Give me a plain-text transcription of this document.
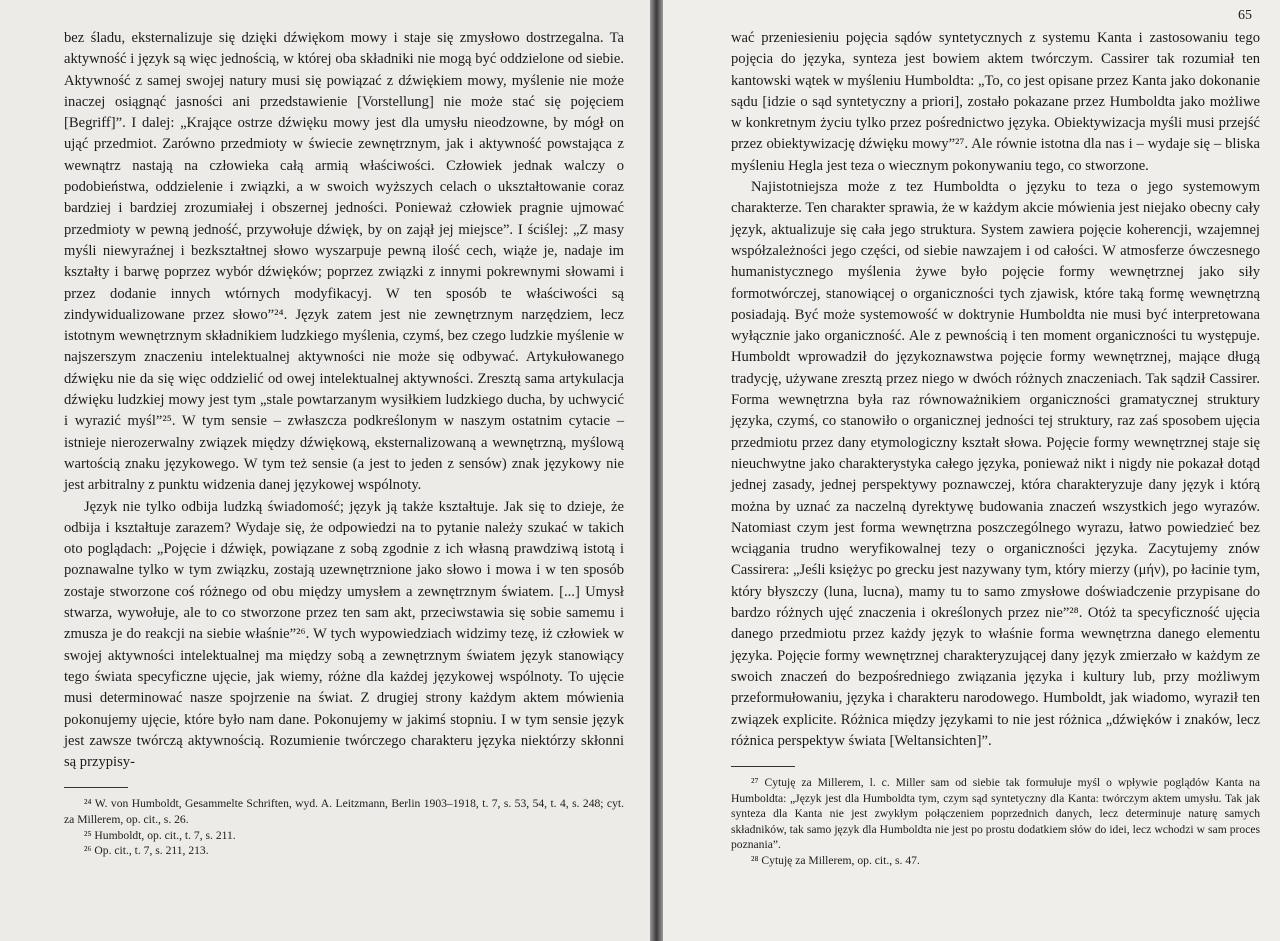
bez śladu, eksternalizuje się dzięki dźwiękom mowy i staje się zmysłowo dostrzegalna. Ta aktywność i język są więc jednością, w której oba składniki nie mogą być oddzielone od siebie. Aktywność z samej swojej natury musi się powiązać z dźwiękiem mowy, myślenie nie może inaczej osiągnąć jasności ani przedstawienie [Vorstellung] nie może stać się pojęciem [Begriff]”. I dalej: „Krające ostrze dźwięku mowy jest dla umysłu nieodzowne, by mógł on ująć przedmiot. Zarówno przedmioty w świecie zewnętrznym, jak i aktywność powstająca z wewnątrz nastają na człowieka całą armią właściwości. Człowiek jednak walczy o podobieństwa, oddzielenie i związki, a w swoich wyższych celach o ukształtowanie coraz bardziej i bardziej zrozumiałej i obszernej jedności. Ponieważ człowiek pragnie ujmować przedmioty w pewną jedność, przywołuje dźwięk, by on zajął jej miejsce”. I ściślej: „Z masy myśli niewyraźnej i bezkształtnej słowo wyszarpuje pewną ilość cech, wiąże je, nadaje im kształty i barwę poprzez wybór dźwięków; poprzez związki z innymi pokrewnymi słowami i przez dodanie innych wtórnych modyfikacyj. W ten sposób te właściwości są zindywidualizowane przez słowo”²⁴. Język zatem jest nie zewnętrznym narzędziem, lecz istotnym wewnętrznym składnikiem ludzkiego myślenia, czymś, bez czego ludzkie myślenie w najszerszym znaczeniu intelektualnej aktywności nie może się odbywać. Artykułowanego dźwięku nie da się więc oddzielić od owej intelektualnej aktywności. Zresztą sama artykulacja dźwięku ludzkiej mowy jest tym „stale powtarzanym wysiłkiem ludzkiego ducha, by uchwycić i wyrazić myśl”²⁵. W tym sensie – zwłaszcza podkreślonym w naszym ostatnim cytacie – istnieje nierozerwalny związek między dźwiękową, eksternalizowaną a wewnętrzną, myślową wartością znaku językowego. W tym też sensie (a jest to jeden z sensów) znak językowy nie jest arbitralny z punktu widzenia danej językowej wspólnoty.

Język nie tylko odbija ludzką świadomość; język ją także kształtuje. Jak się to dzieje, że odbija i kształtuje zarazem? Wydaje się, że odpowiedzi na to pytanie należy szukać w takich oto poglądach: „Pojęcie i dźwięk, powiązane z sobą zgodnie z ich własną prawdziwą istotą i poznawalne tylko w tym związku, zostają uzewnętrznione jako słowo i mowa i w ten sposób zostaje stworzone coś różnego od obu między umysłem a zewnętrznym światem. [...] Umysł stwarza, wywołuje, ale to co stworzone przez ten sam akt, przeciwstawia się sobie samemu i zmusza je do reakcji na siebie właśnie”²⁶. W tych wypowiedziach widzimy tezę, iż człowiek w swojej aktywności intelektualnej ma między sobą a zewnętrznym światem język stanowiący tego świata specyficzne ujęcie, jak wiemy, różne dla każdej językowej wspólnoty. To ujęcie musi determinować nasze spojrzenie na świat. Z drugiej strony każdym aktem mówienia pokonujemy ujęcie, które było nam dane. Pokonujemy w jakimś stopniu. I w tym sensie język jest zawsze twórczą aktywnością. Rozumienie twórczego charakteru języka niektórzy skłonni są przypisy-

²⁴ W. von Humboldt, Gesammelte Schriften, wyd. A. Leitzmann, Berlin 1903–1918, t. 7, s. 53, 54, t. 4, s. 248; cyt. za Millerem, op. cit., s. 26.

²⁵ Humboldt, op. cit., t. 7, s. 211.

²⁶ Op. cit., t. 7, s. 211, 213.

65

wać przeniesieniu pojęcia sądów syntetycznych z systemu Kanta i zastosowaniu tego pojęcia do języka, synteza jest bowiem aktem twórczym. Cassirer tak rozumiał ten kantowski wątek w myśleniu Humboldta: „To, co jest opisane przez Kanta jako dokonanie sądu [idzie o sąd syntetyczny a priori], zostało pokazane przez Humboldta jako możliwe w konkretnym życiu tylko przez pośrednictwo języka. Obiektywizacja myśli musi przejść przez obiektywizację dźwięku mowy”²⁷. Ale równie istotna dla nas i – wydaje się – bliska myśleniu Hegla jest teza o wiecznym pokonywaniu tego, co stworzone.

Najistotniejsza może z tez Humboldta o języku to teza o jego systemowym charakterze. Ten charakter sprawia, że w każdym akcie mówienia jest niejako obecny cały język, aktualizuje się cała jego struktura. System zawiera pojęcie koherencji, wzajemnej współzależności jego części, od siebie nawzajem i od całości. W atmosferze ówczesnego humanistycznego myślenia żywe było pojęcie formy wewnętrznej jako siły formotwórczej, stanowiącej o organiczności tych zjawisk, które taką formę wewnętrzną posiadają. Być może systemowość w doktrynie Humboldta nie musi być interpretowana wyłącznie jako organiczność. Ale z pewnością i ten moment organiczności tu występuje. Humboldt wprowadził do językoznawstwa pojęcie formy wewnętrznej, mające długą tradycję, używane zresztą przez niego w dwóch różnych znaczeniach. Tak sądził Cassirer. Forma wewnętrzna była raz równoważnikiem organiczności gramatycznej struktury języka, czymś, co stanowiło o organicznej jedności tej struktury, raz zaś sposobem ujęcia przedmiotu przez dany etymologiczny kształt słowa. Pojęcie formy wewnętrznej staje się nieuchwytne jako charakterystyka całego języka, ponieważ nikt i nigdy nie pokazał dotąd jednej zasady, jednej perspektywy poznawczej, która charakteryzuje dany język i którą można by uznać za naczelną dyrektywę budowania znaczeń wszystkich jego wyrazów. Natomiast czym jest forma wewnętrzna poszczególnego wyrazu, łatwo powiedzieć bez wciągania trudno weryfikowalnej tezy o organiczności języka. Zacytujemy znów Cassirera: „Jeśli księżyc po grecku jest nazywany tym, który mierzy (μήν), po łacinie tym, który błyszczy (luna, lucna), mamy tu to samo zmysłowe doświadczenie przypisane do bardzo różnych ujęć znaczenia i określonych przez nie”²⁸. Otóż ta specyficzność ujęcia danego przedmiotu przez każdy język to właśnie forma wewnętrzna danego elementu języka. Pojęcie formy wewnętrznej charakteryzującej dany język zmierzało w każdym ze swoich znaczeń do bezpośredniego związania języka i kultury lub, przy możliwym przeformułowaniu, języka i charakteru narodowego. Humboldt, jak wiadomo, wyraził ten związek explicite. Różnica między językami to nie jest różnica „dźwięków i znaków, lecz różnica perspektyw świata [Weltansichten]”.

²⁷ Cytuję za Millerem, l. c. Miller sam od siebie tak formułuje myśl o wpływie poglądów Kanta na Humboldta: „Język jest dla Humboldta tym, czym sąd syntetyczny dla Kanta: twórczym aktem umysłu. Tak jak synteza dla Kanta nie jest zwykłym połączeniem poprzednich danych, lecz determinuje naturę samych składników, tak samo język dla Humboldta nie jest po prostu dodatkiem słów do idei, lecz wchodzi w sam proces poznania”.

²⁸ Cytuję za Millerem, op. cit., s. 47.
